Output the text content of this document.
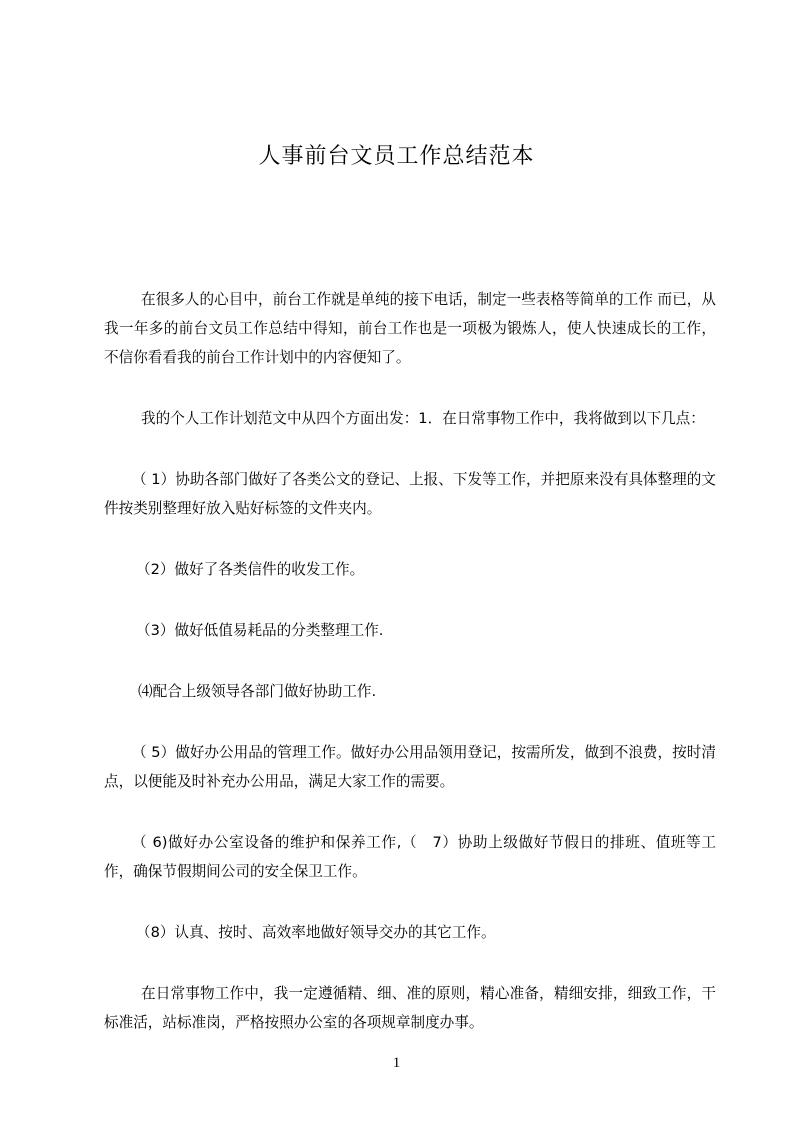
人事前台文员工作总结范本

在很多人的心目中，前台工作就是单纯的接下电话，制定一些表格等简单的工作 而已，从我一年多的前台文员工作总结中得知，前台工作也是一项极为锻炼人，使人快速成长的工作，不信你看看我的前台工作计划中的内容便知了。

我的个人工作计划范文中从四个方面出发：1．在日常事物工作中，我将做到以下几点：

（ 1）协助各部门做好了各类公文的登记、上报、下发等工作，并把原来没有具体整理的文件按类别整理好放入贴好标签的文件夹内。

（2）做好了各类信件的收发工作。

（3）做好低值易耗品的分类整理工作.

⑷配合上级领导各部门做好协助工作.

（ 5）做好办公用品的管理工作。做好办公用品领用登记，按需所发，做到不浪费，按时清点，以便能及时补充办公用品，满足大家工作的需要。

（ 6)做好办公室设备的维护和保养工作,（　7）协助上级做好节假日的排班、值班等工作，确保节假期间公司的安全保卫工作。

（8）认真、按时、高效率地做好领导交办的其它工作。

在日常事物工作中，我一定遵循精、细、准的原则，精心准备，精细安排，细致工作，干标准活，站标准岗，严格按照办公室的各项规章制度办事。

1
